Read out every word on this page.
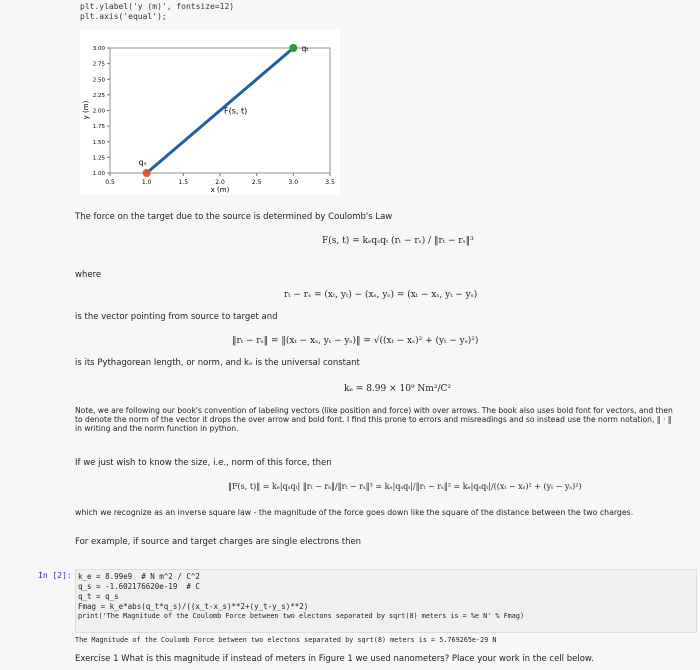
plt.ylabel('y (m)', fontsize=12)
plt.axis('equal');
0.5	1.0	1.5	2.0	2.5	3.0	3.5
3.00
2.75
2.50
2.25
2.00
1.75
1.50
1.25
1.00
qₜ
qₛ
F(s, t)
x (m)
y (m)
The force on the target due to the source is determined by Coulomb's Law
F(s, t) = kₑqₛqₜ (rₜ − rₛ) / ‖rₜ − rₛ‖³
where
rₜ − rₛ = (xₜ, yₜ) − (xₛ, yₛ) = (xₜ − xₛ, yₜ − yₛ)
is the vector pointing from source to target and
‖rₜ − rₛ‖ = ‖(xₜ − xₛ, yₜ − yₛ)‖ = √((xₜ − xₛ)² + (yₜ − yₛ)²)
is its Pythagorean length, or norm, and kₑ is the universal constant
kₑ = 8.99 × 10⁹ Nm²/C²
Note, we are following our book's convention of labeling vectors (like position and force) with over arrows. The book also uses bold font for vectors, and then
to denote the norm of the vector it drops the over arrow and bold font. I find this prone to errors and misreadings and so instead use the norm notation, ‖ · ‖
in writing and the norm function in python.
If we just wish to know the size, i.e., norm of this force, then
‖F(s, t)‖ = kₑ|qₛqₜ| ‖rₜ − rₛ‖/‖rₜ − rₛ‖³ = kₑ|qₛqₜ|/‖rₜ − rₛ‖² = kₑ|qₛqₜ|/((xₜ − xₛ)² + (yₜ − yₛ)²)
which we recognize as an inverse square law - the magnitude of the force goes down like the square of the distance between the two charges.
For example, if source and target charges are single electrons then
In [2]: k_e = 8.99e9  # N m^2 / C^2
q_s = -1.602176620e-19  # C
q_t = q_s
Fmag = k_e*abs(q_t*q_s)/((x_t-x_s)**2+(y_t-y_s)**2)
print('The Magnitude of the Coulomb Force between two electons separated by sqrt(8) meters is = %e N' % Fmag)
The Magnitude of the Coulomb Force between two electons separated by sqrt(8) meters is = 5.769265e-29 N
Exercise 1 What is this magnitude if instead of meters in Figure 1 we used nanometers? Place your work in the cell below.
